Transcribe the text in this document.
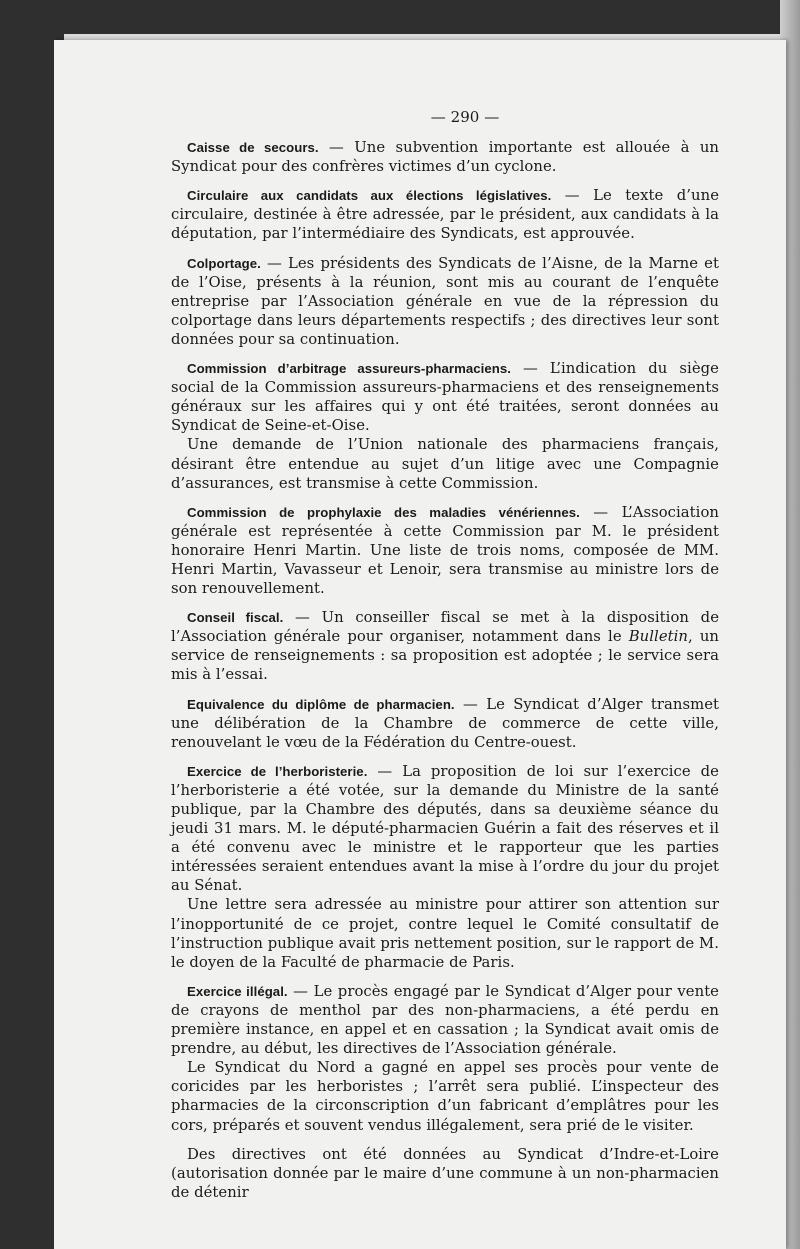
— 290 —

Caisse de secours. — Une subvention importante est allouée à un Syndicat pour des confrères victimes d’un cyclone.

Circulaire aux candidats aux élections législatives. — Le texte d’une circulaire, destinée à être adressée, par le président, aux candidats à la députation, par l’intermédiaire des Syndicats, est approuvée.

Colportage. — Les présidents des Syndicats de l’Aisne, de la Marne et de l’Oise, présents à la réunion, sont mis au courant de l’enquête entreprise par l’Association générale en vue de la répression du colportage dans leurs départements respectifs ; des directives leur sont données pour sa continuation.

Commission d’arbitrage assureurs-pharmaciens. — L’indication du siège social de la Commission assureurs-pharmaciens et des renseignements généraux sur les affaires qui y ont été traitées, seront données au Syndicat de Seine-et-Oise.

Une demande de l’Union nationale des pharmaciens français, désirant être entendue au sujet d’un litige avec une Compagnie d’assurances, est transmise à cette Commission.

Commission de prophylaxie des maladies vénériennes. — L’Association générale est représentée à cette Commission par M. le président honoraire Henri Martin. Une liste de trois noms, composée de MM. Henri Martin, Vavasseur et Lenoir, sera transmise au ministre lors de son renouvellement.

Conseil fiscal. — Un conseiller fiscal se met à la disposition de l’Association générale pour organiser, notamment dans le Bulletin, un service de renseignements : sa proposition est adoptée ; le service sera mis à l’essai.

Equivalence du diplôme de pharmacien. — Le Syndicat d’Alger transmet une délibération de la Chambre de commerce de cette ville, renouvelant le vœu de la Fédération du Centre-ouest.

Exercice de l’herboristerie. — La proposition de loi sur l’exercice de l’herboristerie a été votée, sur la demande du Ministre de la santé publique, par la Chambre des députés, dans sa deuxième séance du jeudi 31 mars. M. le député-pharmacien Guérin a fait des réserves et il a été convenu avec le ministre et le rapporteur que les parties intéressées seraient entendues avant la mise à l’ordre du jour du projet au Sénat.

Une lettre sera adressée au ministre pour attirer son attention sur l’inopportunité de ce projet, contre lequel le Comité consultatif de l’instruction publique avait pris nettement position, sur le rapport de M. le doyen de la Faculté de pharmacie de Paris.

Exercice illégal. — Le procès engagé par le Syndicat d’Alger pour vente de crayons de menthol par des non-pharmaciens, a été perdu en première instance, en appel et en cassation ; la Syndicat avait omis de prendre, au début, les directives de l’Association générale.

Le Syndicat du Nord a gagné en appel ses procès pour vente de coricides par les herboristes ; l’arrêt sera publié. L’inspecteur des pharmacies de la circonscription d’un fabricant d’emplâtres pour les cors, préparés et souvent vendus illégalement, sera prié de le visiter.

Des directives ont été données au Syndicat d’Indre-et-Loire (autorisation donnée par le maire d’une commune à un non-pharmacien de détenir
